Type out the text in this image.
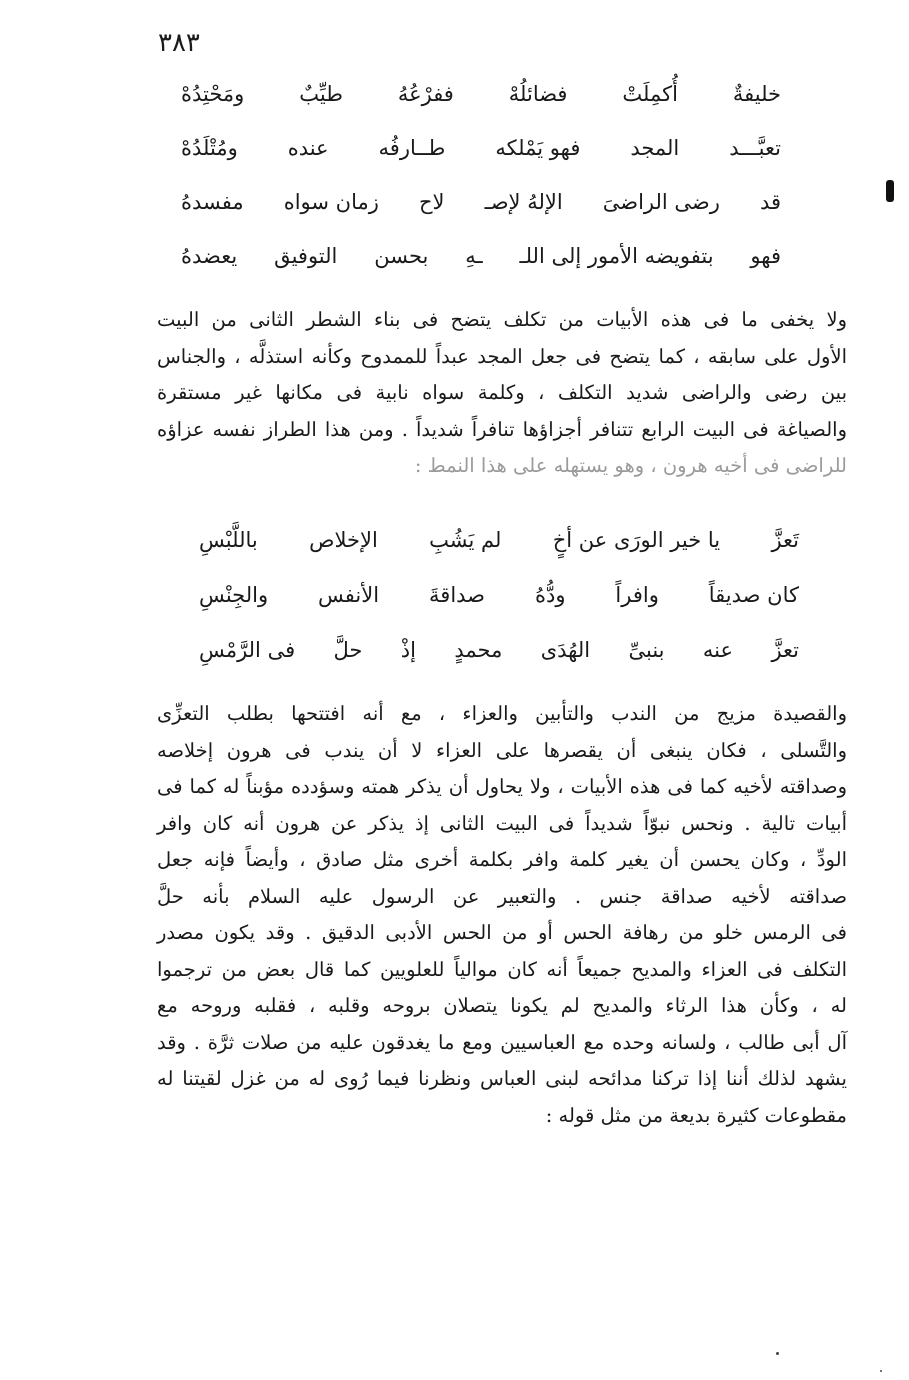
٣٨٣
خليفةٌ
أُكمِلَتْ
فضائلُهْ
ففرْعُهُ
طيِّبٌ
ومَحْتِدُهْ
تعبَّـــد
المجد
فهو يَمْلكه
طــارفُه
عنده
ومُتْلَدُهْ
قد
رضى الراضىَ
الإلهُ لإصـ
لاح
زمان سواه
مفسدهُ
فهو
بتفويضه الأمور إلى اللـ
ـهِ
بحسن
التوفيق
يعضدهُ
ولا يخفى ما فى هذه الأبيات من تكلف يتضح فى بناء الشطر الثانى من البيت
الأول على سابقه ، كما يتضح فى جعل المجد عبداً للممدوح وكأنه استذلَّه ، والجناس
بين رضى والراضى شديد التكلف ، وكلمة سواه نابية فى مكانها غير مستقرة
والصياغة فى البيت الرابع تتنافر أجزاؤها تنافراً شديداً . ومن هذا الطراز نفسه عزاؤه
للراضى فى أخيه هرون ، وهو يستهله على هذا النمط :
تَعزَّ
يا خير الورَى عن أخٍ
لم يَشُبِ
الإخلاص
باللَّبْسِ
كان صديقاً
وافراً
ودُّهُ
صداقةَ
الأنفس
والجِنْسِ
تعزَّ
عنه
بنبىِّ
الهُدَى
محمدٍ
إذْ
حلَّ
فى الرَّمْسِ
والقصيدة مزيج من الندب والتأبين والعزاء ، مع أنه افتتحها بطلب التعزِّى
والتَّسلى ، فكان ينبغى أن يقصرها على العزاء لا أن يندب فى هرون إخلاصه
وصداقته لأخيه كما فى هذه الأبيات ، ولا يحاول أن يذكر همته وسؤدده مؤبناً له كما فى
أبيات تالية . ونحس نبوّاً شديداً فى البيت الثانى إذ يذكر عن هرون أنه كان وافر
الودِّ ، وكان يحسن أن يغير كلمة وافر بكلمة أخرى مثل صادق ، وأيضاً فإنه جعل
صداقته لأخيه صداقة جنس . والتعبير عن الرسول عليه السلام بأنه حلَّ
فى الرمس خلو من رهافة الحس أو من الحس الأدبى الدقيق . وقد يكون مصدر
التكلف فى العزاء والمديح جميعاً أنه كان موالياً للعلويين كما قال بعض من ترجموا
له ، وكأن هذا الرثاء والمديح لم يكونا يتصلان بروحه وقلبه ، فقلبه وروحه مع
آل أبى طالب ، ولسانه وحده مع العباسيين ومع ما يغدقون عليه من صلات ثرَّة . وقد
يشهد لذلك أننا إذا تركنا مدائحه لبنى العباس ونظرنا فيما رُوى له من غزل لقيتنا له
مقطوعات كثيرة بديعة من مثل قوله :
